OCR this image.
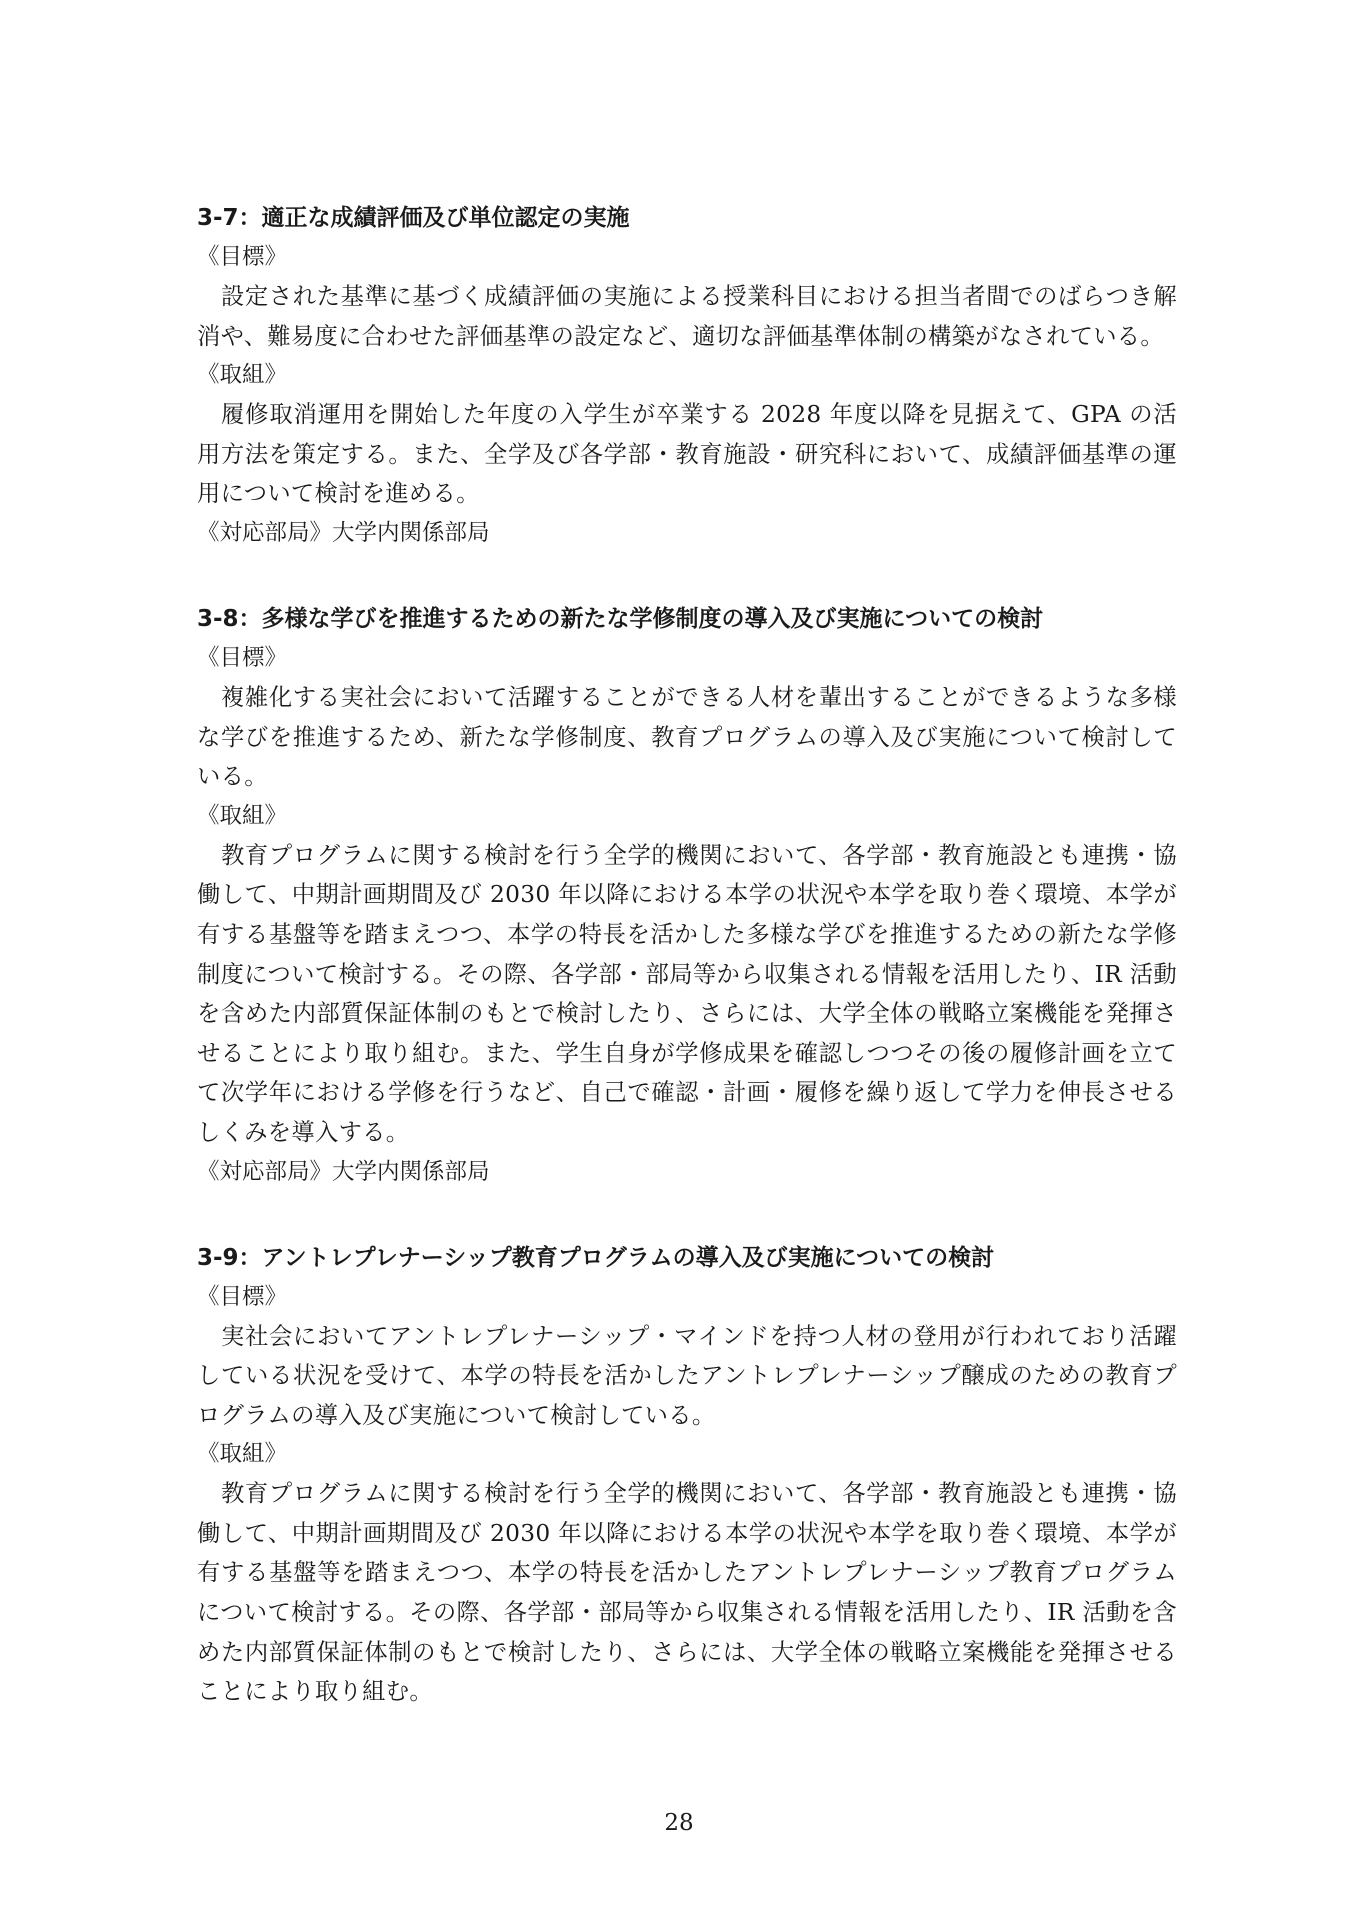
3-7：適正な成績評価及び単位認定の実施

《目標》

設定された基準に基づく成績評価の実施による授業科目における担当者間でのばらつき解消や、難易度に合わせた評価基準の設定など、適切な評価基準体制の構築がなされている。

《取組》

履修取消運用を開始した年度の入学生が卒業する 2028 年度以降を見据えて、GPA の活用方法を策定する。また、全学及び各学部・教育施設・研究科において、成績評価基準の運用について検討を進める。

《対応部局》大学内関係部局

3-8：多様な学びを推進するための新たな学修制度の導入及び実施についての検討

《目標》

複雑化する実社会において活躍することができる人材を輩出することができるような多様な学びを推進するため、新たな学修制度、教育プログラムの導入及び実施について検討している。

《取組》

教育プログラムに関する検討を行う全学的機関において、各学部・教育施設とも連携・協働して、中期計画期間及び 2030 年以降における本学の状況や本学を取り巻く環境、本学が有する基盤等を踏まえつつ、本学の特長を活かした多様な学びを推進するための新たな学修制度について検討する。その際、各学部・部局等から収集される情報を活用したり、IR 活動を含めた内部質保証体制のもとで検討したり、さらには、大学全体の戦略立案機能を発揮させることにより取り組む。また、学生自身が学修成果を確認しつつその後の履修計画を立てて次学年における学修を行うなど、自己で確認・計画・履修を繰り返して学力を伸長させるしくみを導入する。

《対応部局》大学内関係部局

3-9：アントレプレナーシップ教育プログラムの導入及び実施についての検討

《目標》

実社会においてアントレプレナーシップ・マインドを持つ人材の登用が行われており活躍している状況を受けて、本学の特長を活かしたアントレプレナーシップ醸成のための教育プログラムの導入及び実施について検討している。

《取組》

教育プログラムに関する検討を行う全学的機関において、各学部・教育施設とも連携・協働して、中期計画期間及び 2030 年以降における本学の状況や本学を取り巻く環境、本学が有する基盤等を踏まえつつ、本学の特長を活かしたアントレプレナーシップ教育プログラムについて検討する。その際、各学部・部局等から収集される情報を活用したり、IR 活動を含めた内部質保証体制のもとで検討したり、さらには、大学全体の戦略立案機能を発揮させることにより取り組む。

28
